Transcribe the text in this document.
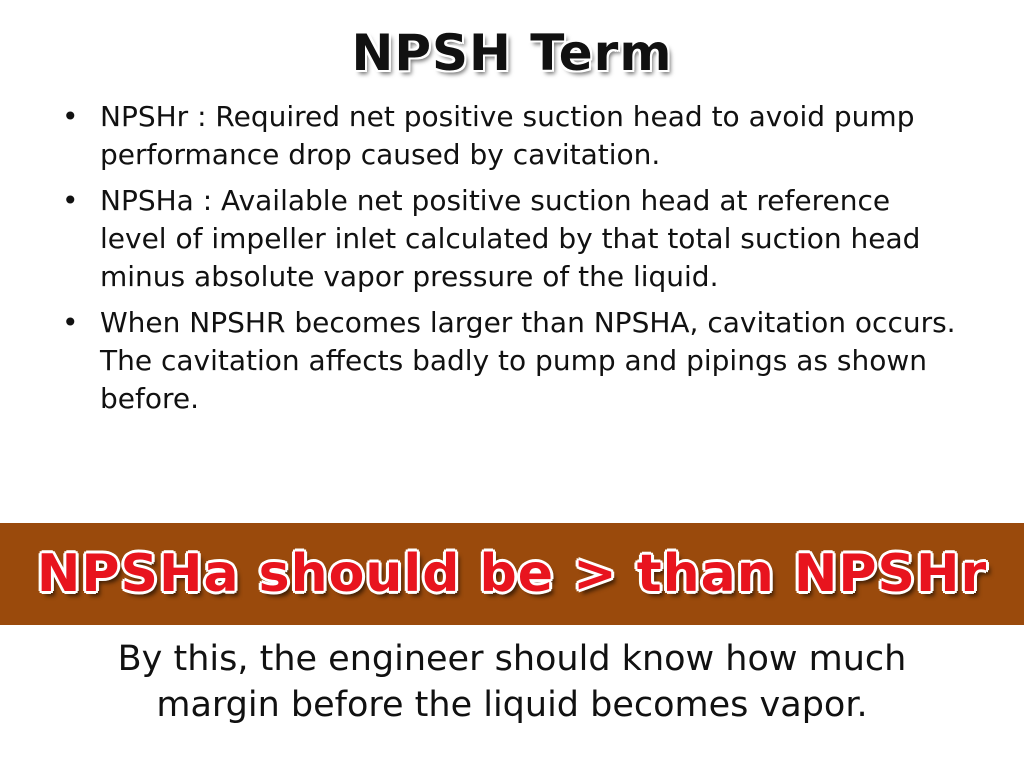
NPSH Term
• NPSHr : Required net positive suction head to avoid pump performance drop caused by cavitation.
• NPSHa : Available net positive suction head at reference level of impeller inlet calculated by that total suction head minus absolute vapor pressure of the liquid.
• When NPSHR becomes larger than NPSHA, cavitation occurs. The cavitation affects badly to pump and pipings as shown before.
NPSHa should be > than NPSHr
By this, the engineer should know how much
margin before the liquid becomes vapor.
